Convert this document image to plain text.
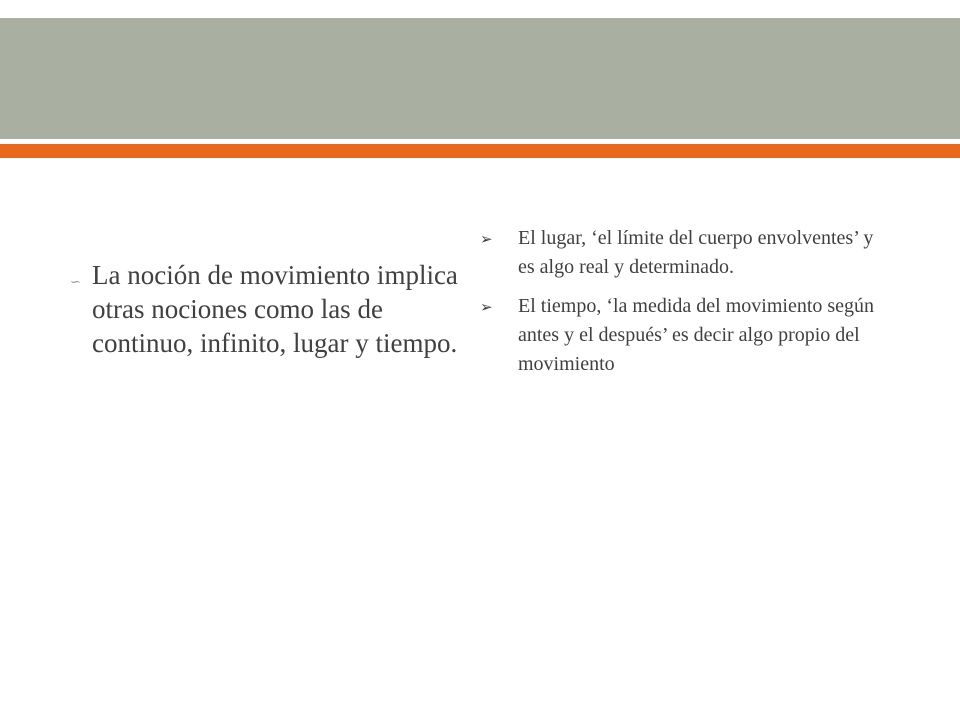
∽ La noción de movimiento implica otras nociones como las de continuo, infinito, lugar y tiempo.
➢	El lugar, ‘el límite del cuerpo envolventes’ y es algo real y determinado.
➢	El tiempo, ‘la medida del movimiento según antes y el después’ es decir algo propio del movimiento
